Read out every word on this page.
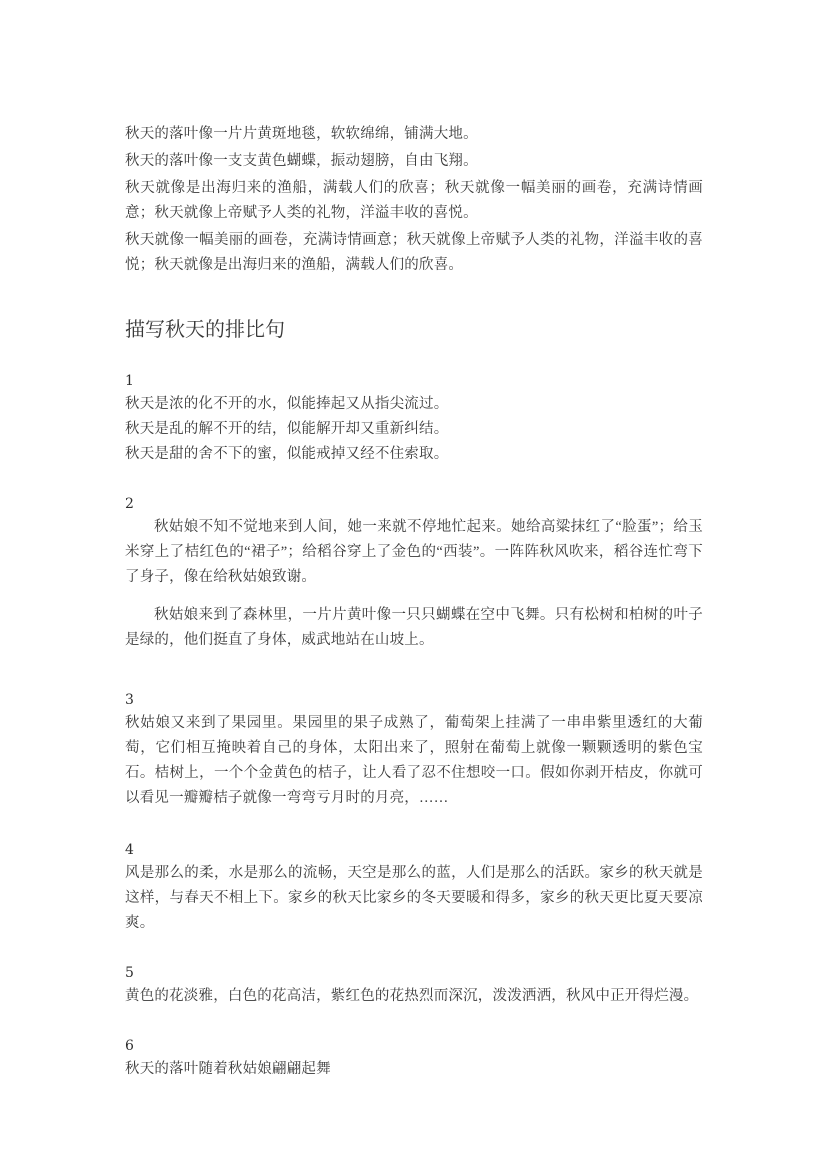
秋天的落叶像一片片黄斑地毯，软软绵绵，铺满大地。

秋天的落叶像一支支黄色蝴蝶，振动翅膀，自由飞翔。

秋天就像是出海归来的渔船，满载人们的欣喜；秋天就像一幅美丽的画卷，充满诗情画意；秋天就像上帝赋予人类的礼物，洋溢丰收的喜悦。

秋天就像一幅美丽的画卷，充满诗情画意；秋天就像上帝赋予人类的礼物，洋溢丰收的喜悦；秋天就像是出海归来的渔船，满载人们的欣喜。

描写秋天的排比句

1

秋天是浓的化不开的水，似能捧起又从指尖流过。

秋天是乱的解不开的结，似能解开却又重新纠结。

秋天是甜的舍不下的蜜，似能戒掉又经不住索取。

2

秋姑娘不知不觉地来到人间，她一来就不停地忙起来。她给高粱抹红了“脸蛋”；给玉米穿上了桔红色的“裙子”；给稻谷穿上了金色的“西装”。一阵阵秋风吹来，稻谷连忙弯下了身子，像在给秋姑娘致谢。

秋姑娘来到了森林里，一片片黄叶像一只只蝴蝶在空中飞舞。只有松树和柏树的叶子是绿的，他们挺直了身体，威武地站在山坡上。

3

秋姑娘又来到了果园里。果园里的果子成熟了，葡萄架上挂满了一串串紫里透红的大葡萄，它们相互掩映着自己的身体，太阳出来了，照射在葡萄上就像一颗颗透明的紫色宝石。桔树上，一个个金黄色的桔子，让人看了忍不住想咬一口。假如你剥开桔皮，你就可以看见一瓣瓣桔子就像一弯弯亏月时的月亮，……

4

风是那么的柔，水是那么的流畅，天空是那么的蓝，人们是那么的活跃。家乡的秋天就是这样，与春天不相上下。家乡的秋天比家乡的冬天要暖和得多，家乡的秋天更比夏天要凉爽。

5

黄色的花淡雅，白色的花高洁，紫红色的花热烈而深沉，泼泼洒洒，秋风中正开得烂漫。

6

秋天的落叶随着秋姑娘翩翩起舞
